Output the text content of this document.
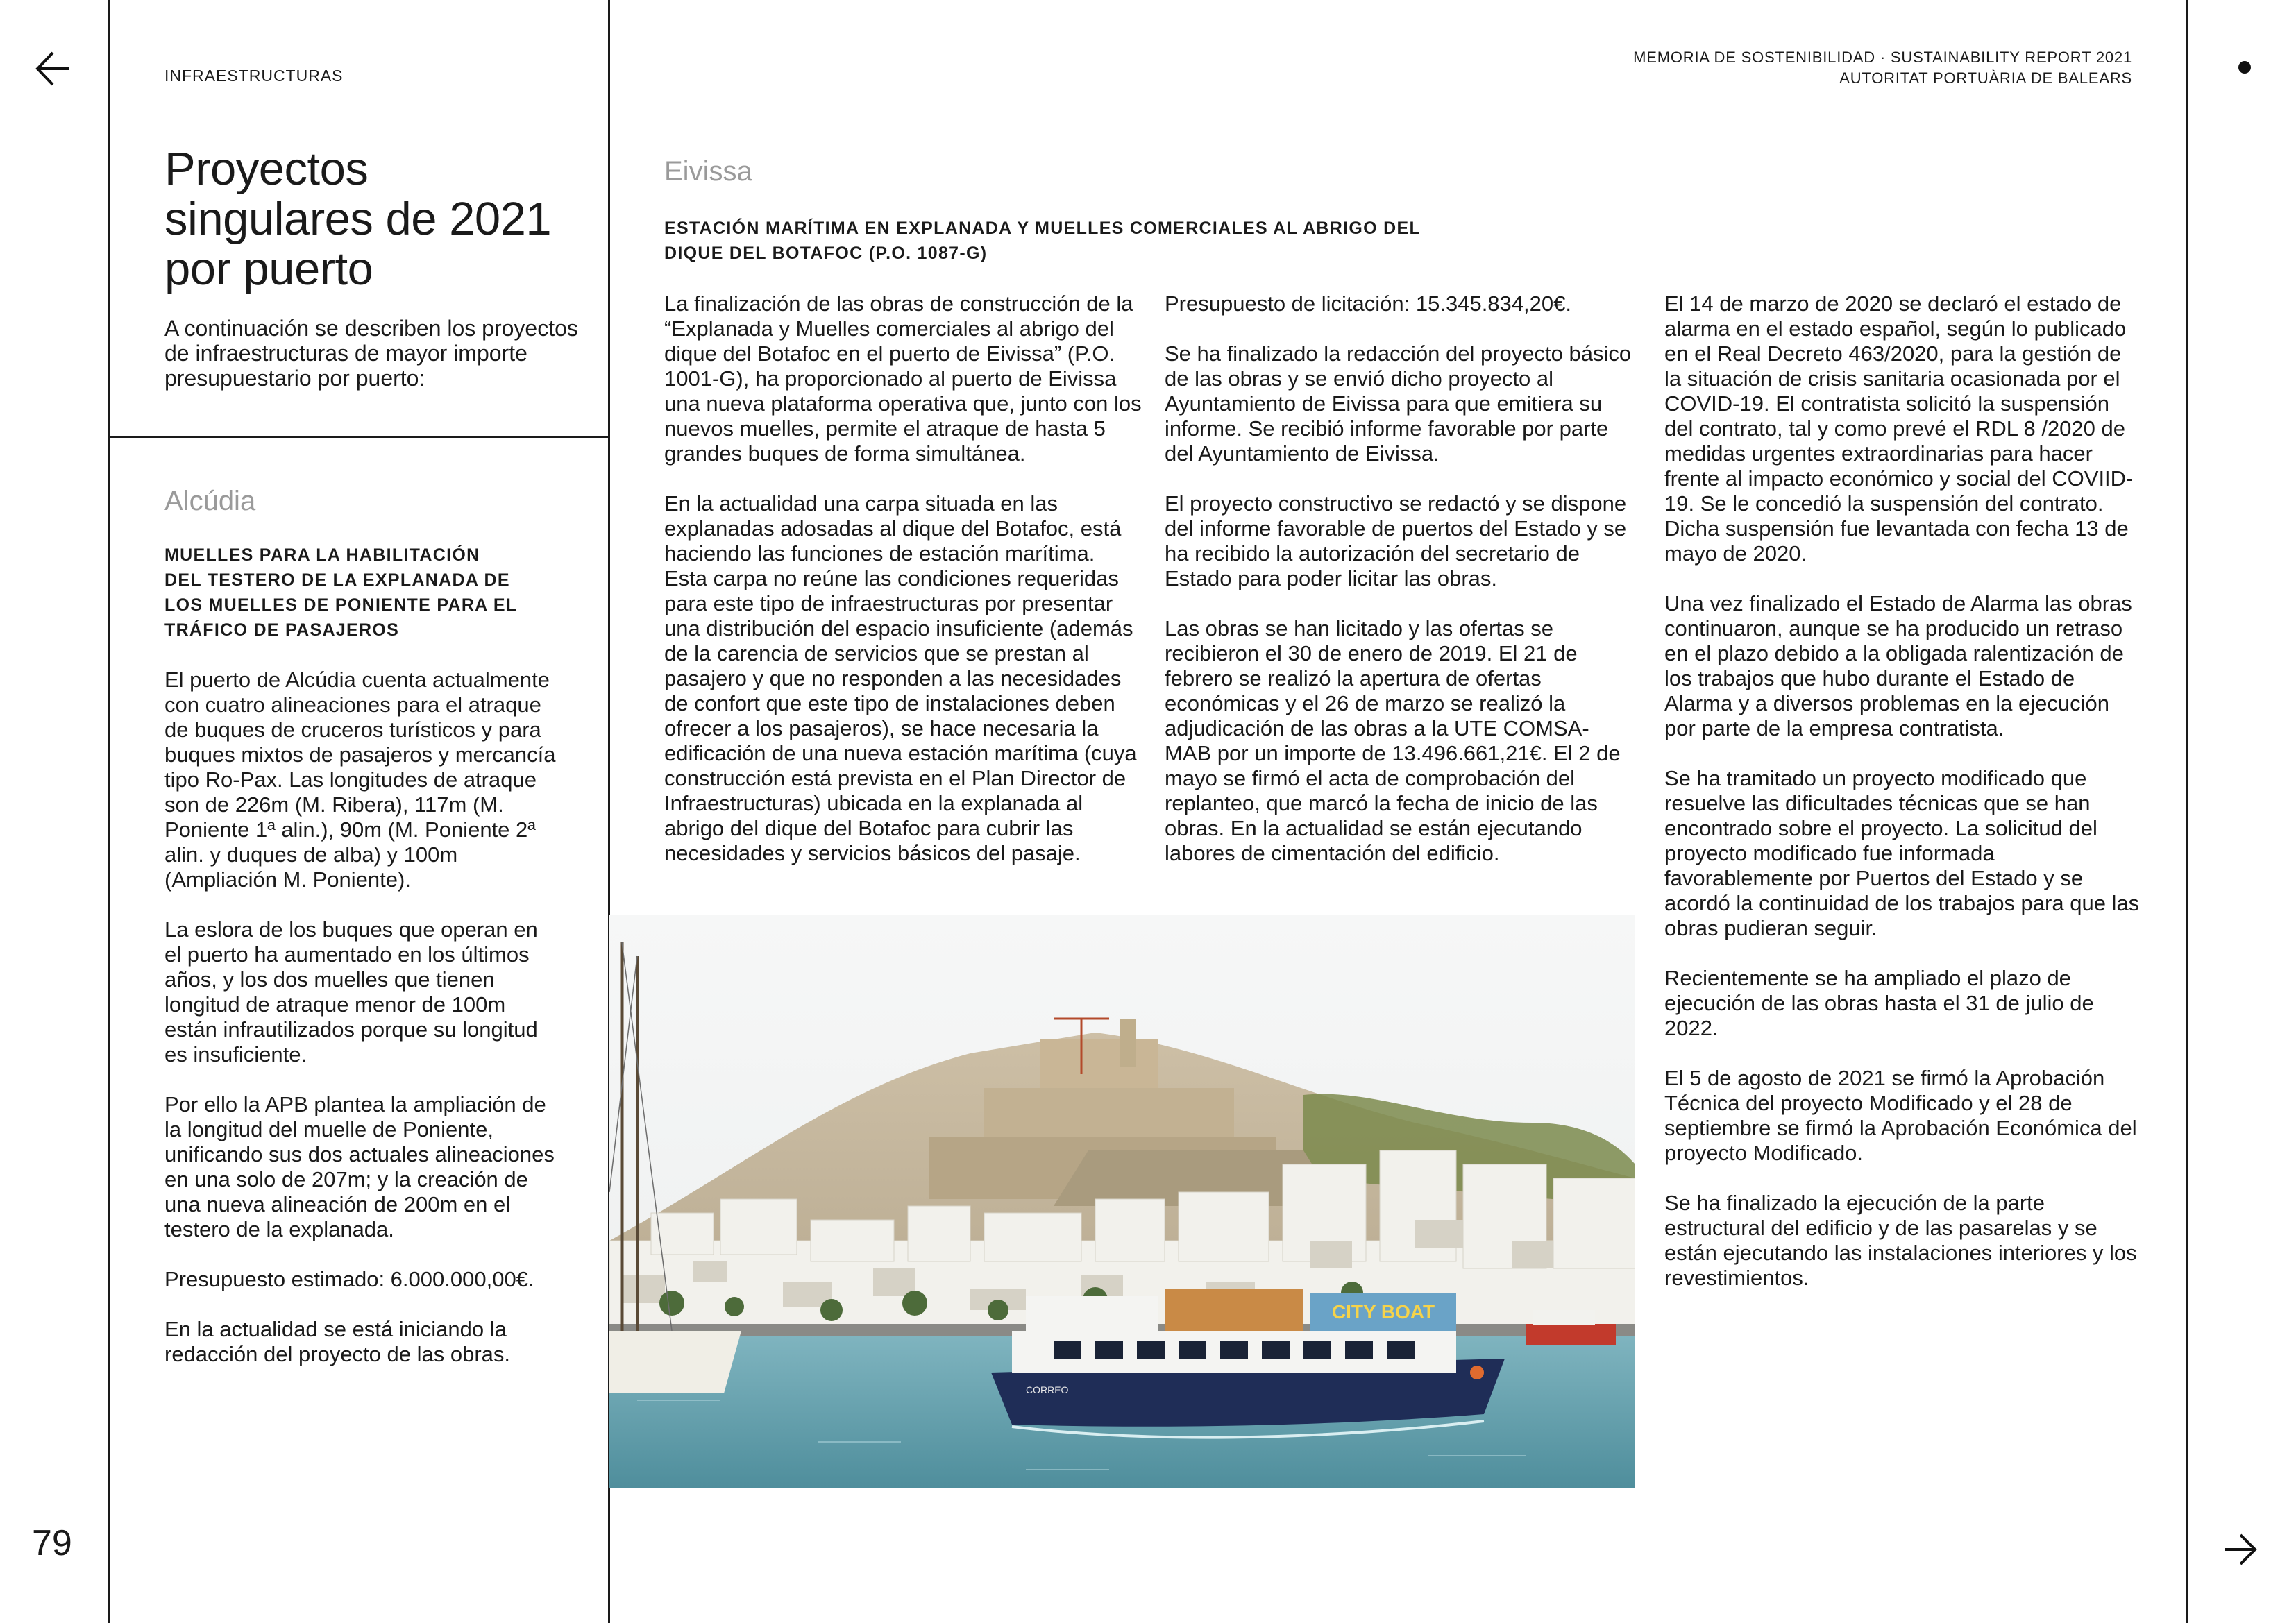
79
INFRAESTRUCTURAS
MEMORIA DE SOSTENIBILIDAD · SUSTAINABILITY REPORT 2021
AUTORITAT PORTUÀRIA DE BALEARS
Proyectos
singulares de 2021
por puerto

A continuación se describen los proyectos de infraestructuras de mayor importe presupuestario por puerto:

Alcúdia
MUELLES PARA LA HABILITACIÓN
DEL TESTERO DE LA EXPLANADA DE
LOS MUELLES DE PONIENTE PARA EL
TRÁFICO DE PASAJEROS

El puerto de Alcúdia cuenta actualmente con cuatro alineaciones para el atraque de buques de cruceros turísticos y para buques mixtos de pasajeros y mercancía tipo Ro-Pax. Las longitudes de atraque son de 226m (M. Ribera), 117m (M. Poniente 1ª alin.), 90m (M. Poniente 2ª alin. y duques de alba) y 100m (Ampliación M. Poniente).

La eslora de los buques que operan en el puerto ha aumentado en los últimos años, y los dos muelles que tienen longitud de atraque menor de 100m están infrautilizados porque su longitud es insuficiente.

Por ello la APB plantea la ampliación de la longitud del muelle de Poniente, unificando sus dos actuales alineaciones en una solo de 207m; y la creación de una nueva alineación de 200m en el testero de la explanada.

Presupuesto estimado: 6.000.000,00€.

En la actualidad se está iniciando la redacción del proyecto de las obras.

Eivissa
ESTACIÓN MARÍTIMA EN EXPLANADA Y MUELLES COMERCIALES AL ABRIGO DEL
DIQUE DEL BOTAFOC (P.O. 1087-G)

La finalización de las obras de construcción de la “Explanada y Muelles comerciales al abrigo del dique del Botafoc en el puerto de Eivissa” (P.O. 1001-G), ha proporcionado al puerto de Eivissa una nueva plataforma operativa que, junto con los nuevos muelles, permite el atraque de hasta 5 grandes buques de forma simultánea.

En la actualidad una carpa situada en las explanadas adosadas al dique del Botafoc, está haciendo las funciones de estación marítima. Esta carpa no reúne las condiciones requeridas para este tipo de infraestructuras por presentar una distribución del espacio insuficiente (además de la carencia de servicios que se prestan al pasajero y que no responden a las necesidades de confort que este tipo de instalaciones deben ofrecer a los pasajeros), se hace necesaria la edificación de una nueva estación marítima (cuya construcción está prevista en el Plan Director de Infraestructuras) ubicada en la explanada al abrigo del dique del Botafoc para cubrir las necesidades y servicios básicos del pasaje.

Presupuesto de licitación: 15.345.834,20€.

Se ha finalizado la redacción del proyecto básico de las obras y se envió dicho proyecto al Ayuntamiento de Eivissa para que emitiera su informe. Se recibió informe favorable por parte del Ayuntamiento de Eivissa.

El proyecto constructivo se redactó y se dispone del informe favorable de puertos del Estado y se ha recibido la autorización del secretario de Estado para poder licitar las obras.

Las obras se han licitado y las ofertas se recibieron el 30 de enero de 2019. El 21 de febrero se realizó la apertura de ofertas económicas y el 26 de marzo se realizó la adjudicación de las obras a la UTE COMSA-MAB por un importe de 13.496.661,21€. El 2 de mayo se firmó el acta de comprobación del replanteo, que marcó la fecha de inicio de las obras. En la actualidad se están ejecutando labores de cimentación del edificio.

El 14 de marzo de 2020 se declaró el estado de alarma en el estado español, según lo publicado en el Real Decreto 463/2020, para la gestión de la situación de crisis sanitaria ocasionada por el COVID-19. El contratista solicitó la suspensión del contrato, tal y como prevé el RDL 8 /2020 de medidas urgentes extraordinarias para hacer frente al impacto económico y social del COVIID-19. Se le concedió la suspensión del contrato. Dicha suspensión fue levantada con fecha 13 de mayo de 2020.

Una vez finalizado el Estado de Alarma las obras continuaron, aunque se ha producido un retraso en el plazo debido a la obligada ralentización de los trabajos que hubo durante el Estado de Alarma y a diversos problemas en la ejecución por parte de la empresa contratista.

Se ha tramitado un proyecto modificado que resuelve las dificultades técnicas que se han encontrado sobre el proyecto. La solicitud del proyecto modificado fue informada favorablemente por Puertos del Estado y se acordó la continuidad de los trabajos para que las obras pudieran seguir.

Recientemente se ha ampliado el plazo de ejecución de las obras hasta el 31 de julio de 2022.

El 5 de agosto de 2021 se firmó la Aprobación Técnica del proyecto Modificado y el 28 de septiembre se firmó la Aprobación Económica del proyecto Modificado.

Se ha finalizado la ejecución de la parte estructural del edificio y de las pasarelas y se están ejecutando las instalaciones interiores y los revestimientos.

CITY BOAT
CORREO
